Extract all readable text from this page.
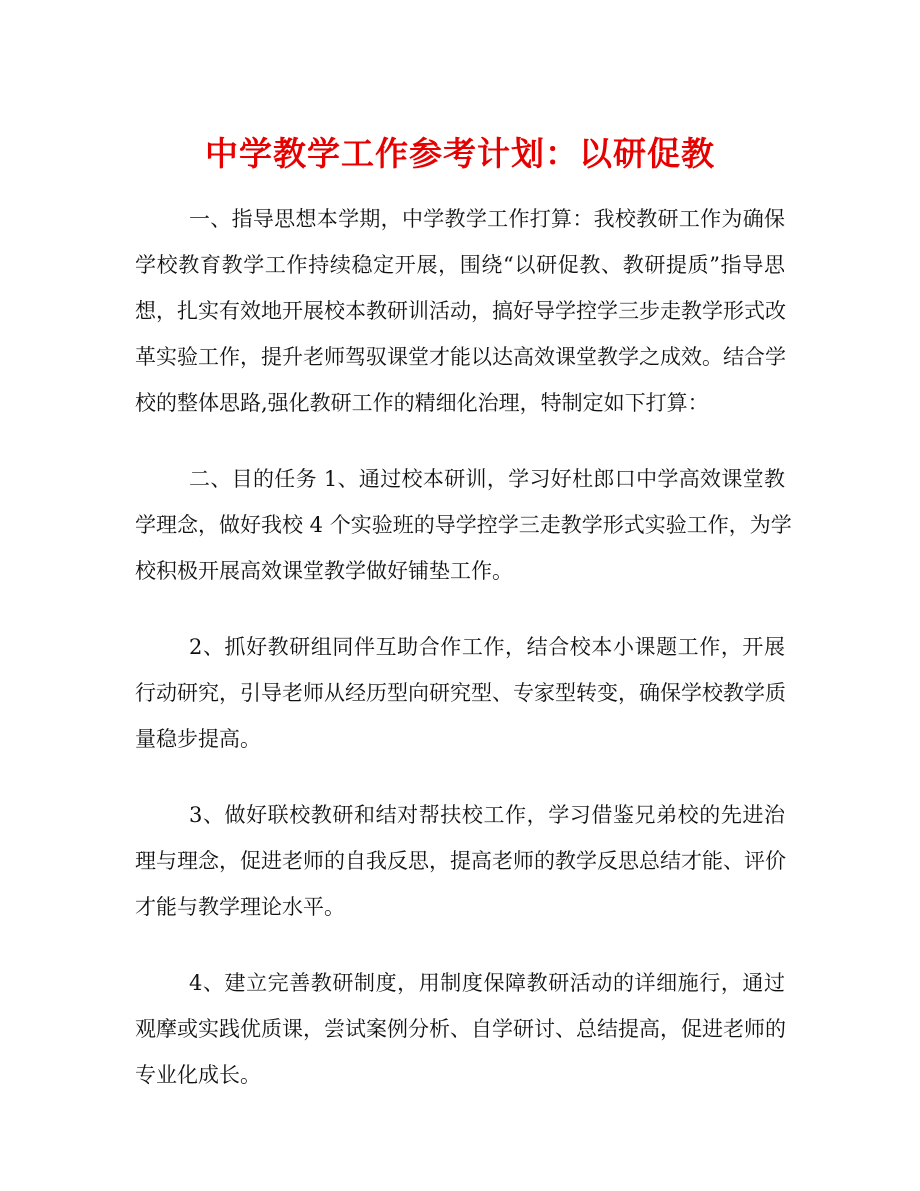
中学教学工作参考计划：以研促教
一、指导思想本学期，中学教学工作打算：我校教研工作为确保
学校教育教学工作持续稳定开展，围绕“以研促教、教研提质”指导思
想，扎实有效地开展校本教研训活动，搞好导学控学三步走教学形式改
革实验工作，提升老师驾驭课堂才能以达高效课堂教学之成效。结合学
校的整体思路,强化教研工作的精细化治理，特制定如下打算：
二、目的任务 1、通过校本研训，学习好杜郎口中学高效课堂教
学理念，做好我校 4 个实验班的导学控学三走教学形式实验工作，为学
校积极开展高效课堂教学做好铺垫工作。
2、抓好教研组同伴互助合作工作，结合校本小课题工作，开展
行动研究，引导老师从经历型向研究型、专家型转变，确保学校教学质
量稳步提高。
3、做好联校教研和结对帮扶校工作，学习借鉴兄弟校的先进治
理与理念，促进老师的自我反思，提高老师的教学反思总结才能、评价
才能与教学理论水平。
4、建立完善教研制度，用制度保障教研活动的详细施行，通过
观摩或实践优质课，尝试案例分析、自学研讨、总结提高，促进老师的
专业化成长。
